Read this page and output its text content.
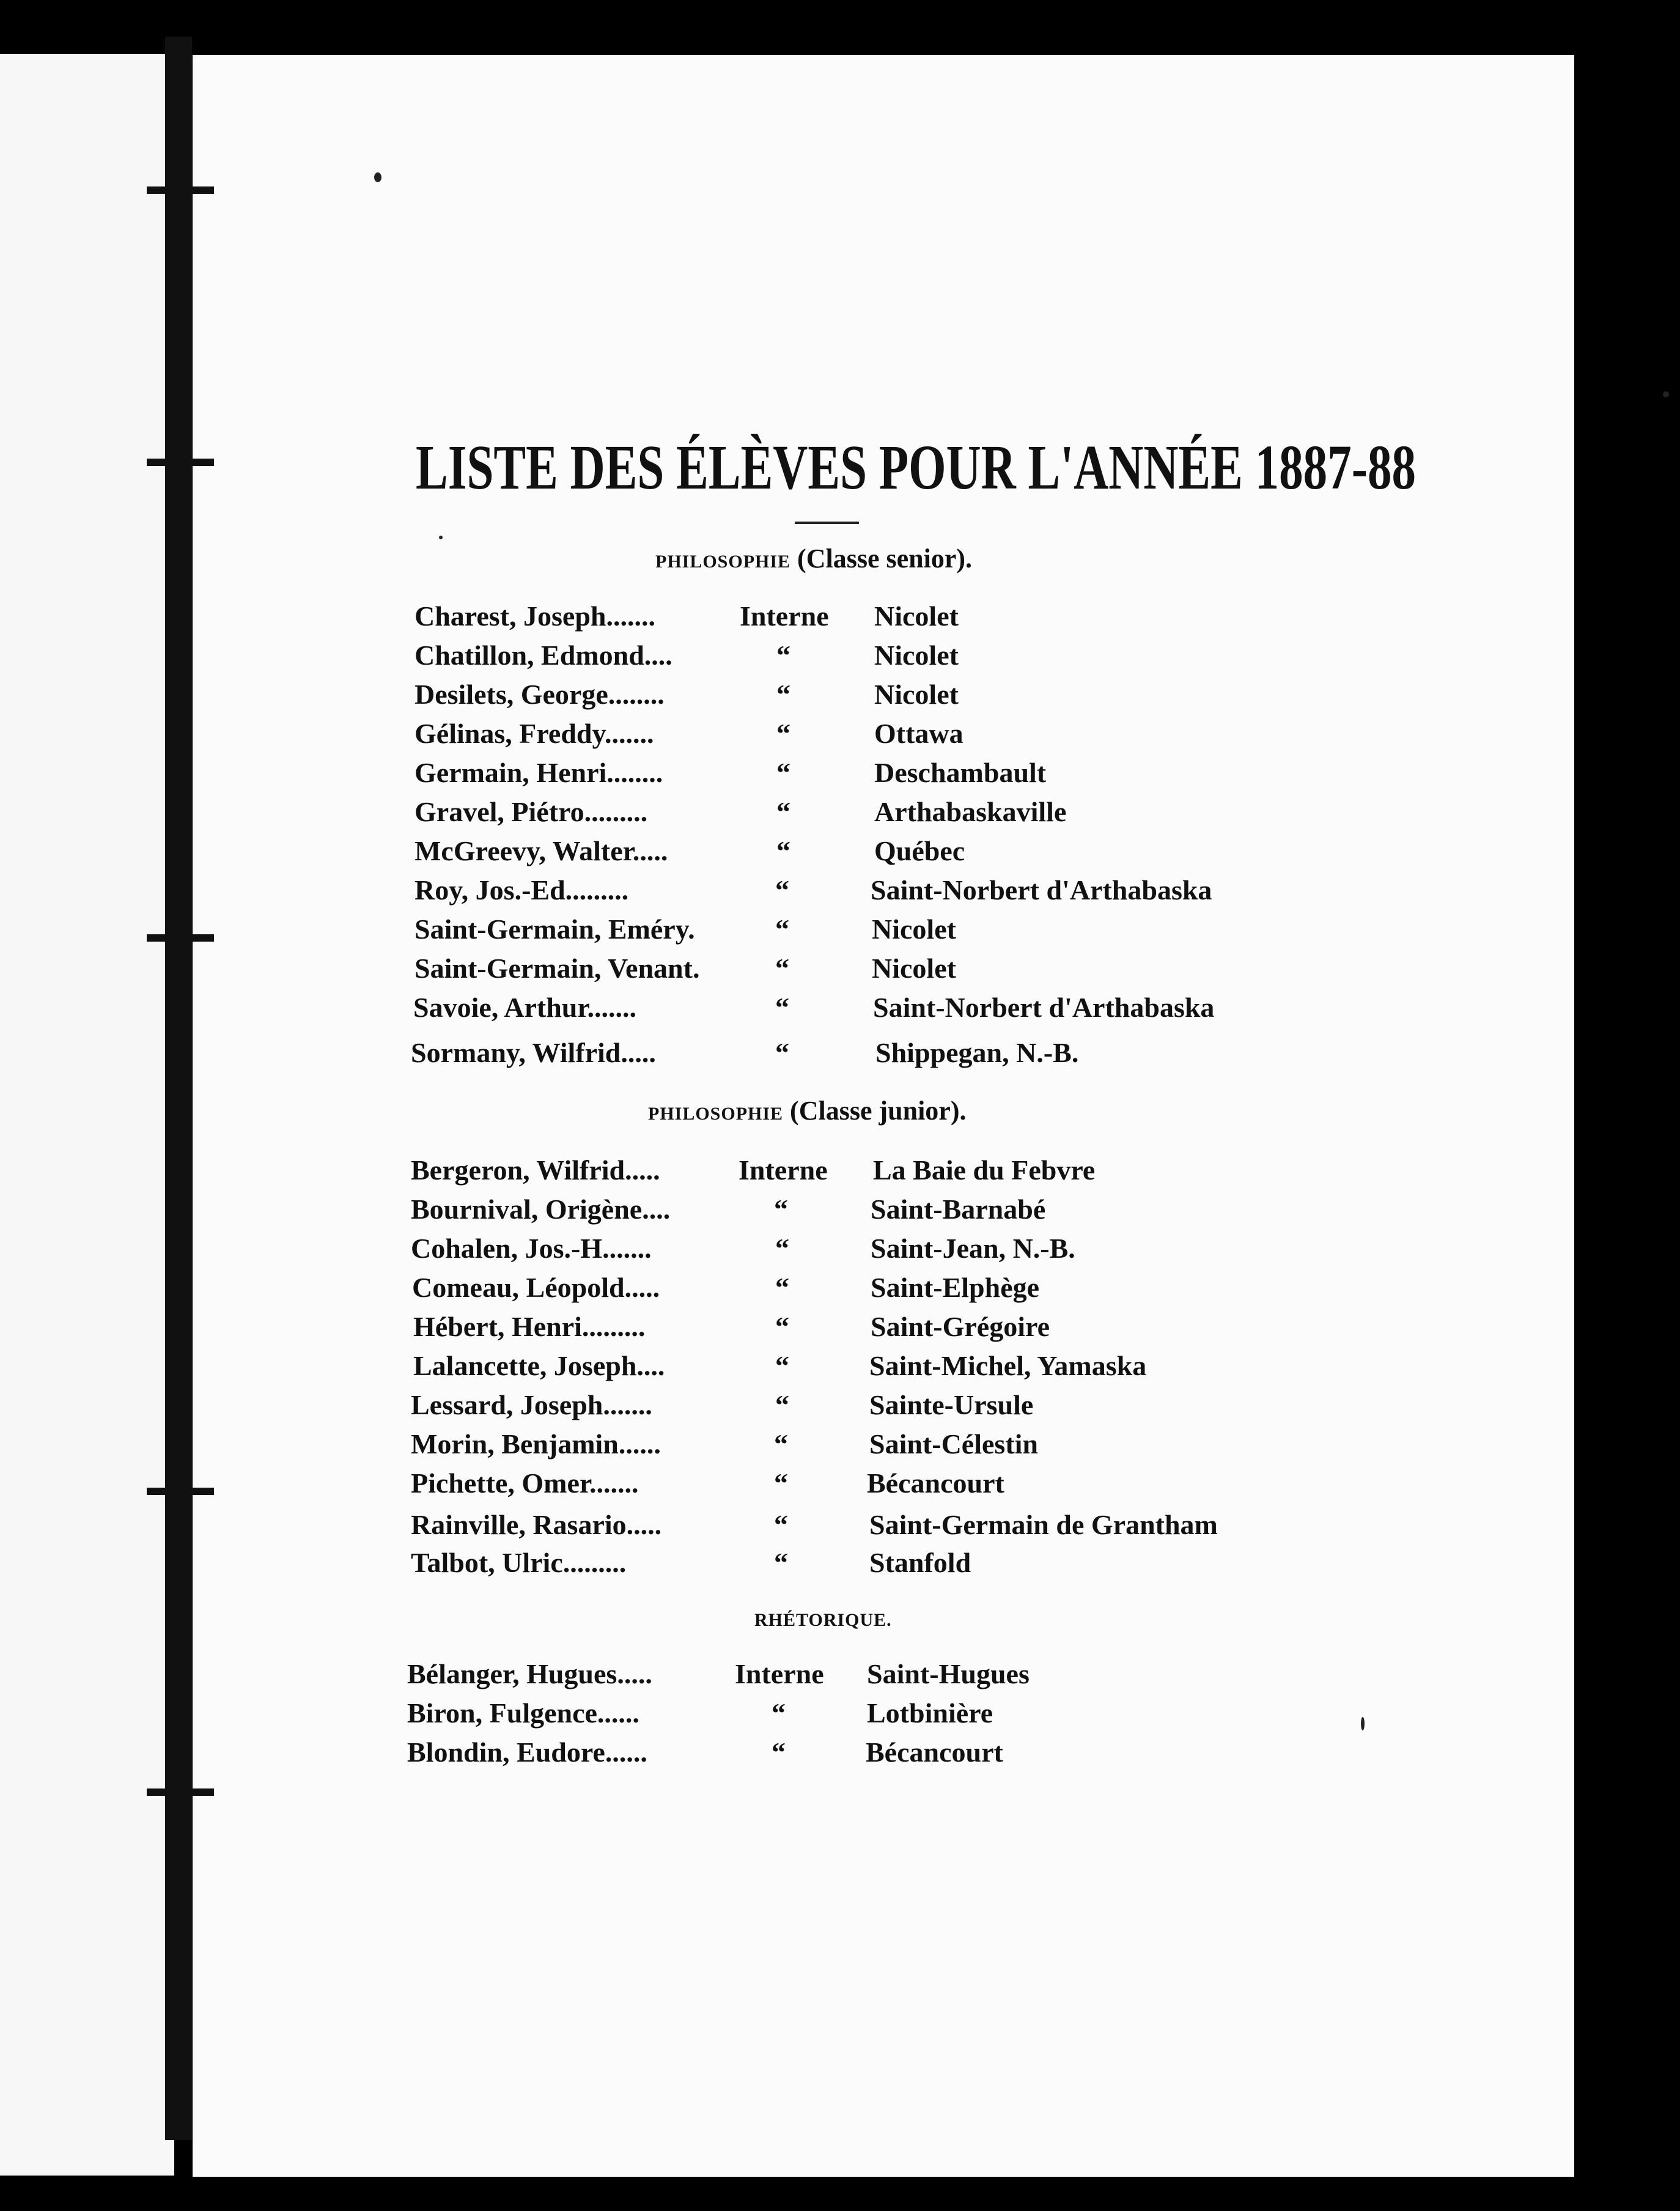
LISTE DES ÉLÈVES POUR L'ANNÉE 1887-88
PHILOSOPHIE (Classe senior).
PHILOSOPHIE (Classe junior).
RHÉTORIQUE.
Charest, Joseph.......	Interne Nicolet
Chatillon, Edmond....	“	Nicolet
Desilets, George........	“	Nicolet
Gélinas, Freddy.......	“	Ottawa
Germain, Henri........	“	Deschambault
Gravel, Piétro.........	“	Arthabaskaville
McGreevy, Walter.....	“	Québec
Roy, Jos.-Ed.........	“	Saint-Norbert d'Arthabaska
Saint-Germain, Eméry.	“	Nicolet
Saint-Germain, Venant.	“	Nicolet
Savoie, Arthur.......	“	Saint-Norbert d'Arthabaska
Sormany, Wilfrid.....	“	Shippegan, N.-B.
Bergeron, Wilfrid.....	Interne La Baie du Febvre
Bournival, Origène....	“	Saint-Barnabé
Cohalen, Jos.-H.......	“	Saint-Jean, N.-B.
Comeau, Léopold.....	“	Saint-Elphège
Hébert, Henri.........	“	Saint-Grégoire
Lalancette, Joseph....	“	Saint-Michel, Yamaska
Lessard, Joseph.......	“	Sainte-Ursule
Morin, Benjamin......	“	Saint-Célestin
Pichette, Omer.......	“	Bécancourt
Rainville, Rasario.....	“	Saint-Germain de Grantham
Talbot, Ulric.........	“	Stanfold
Bélanger, Hugues.....	Interne Saint-Hugues
Biron, Fulgence......	“	Lotbinière
Blondin, Eudore......	“	Bécancourt
